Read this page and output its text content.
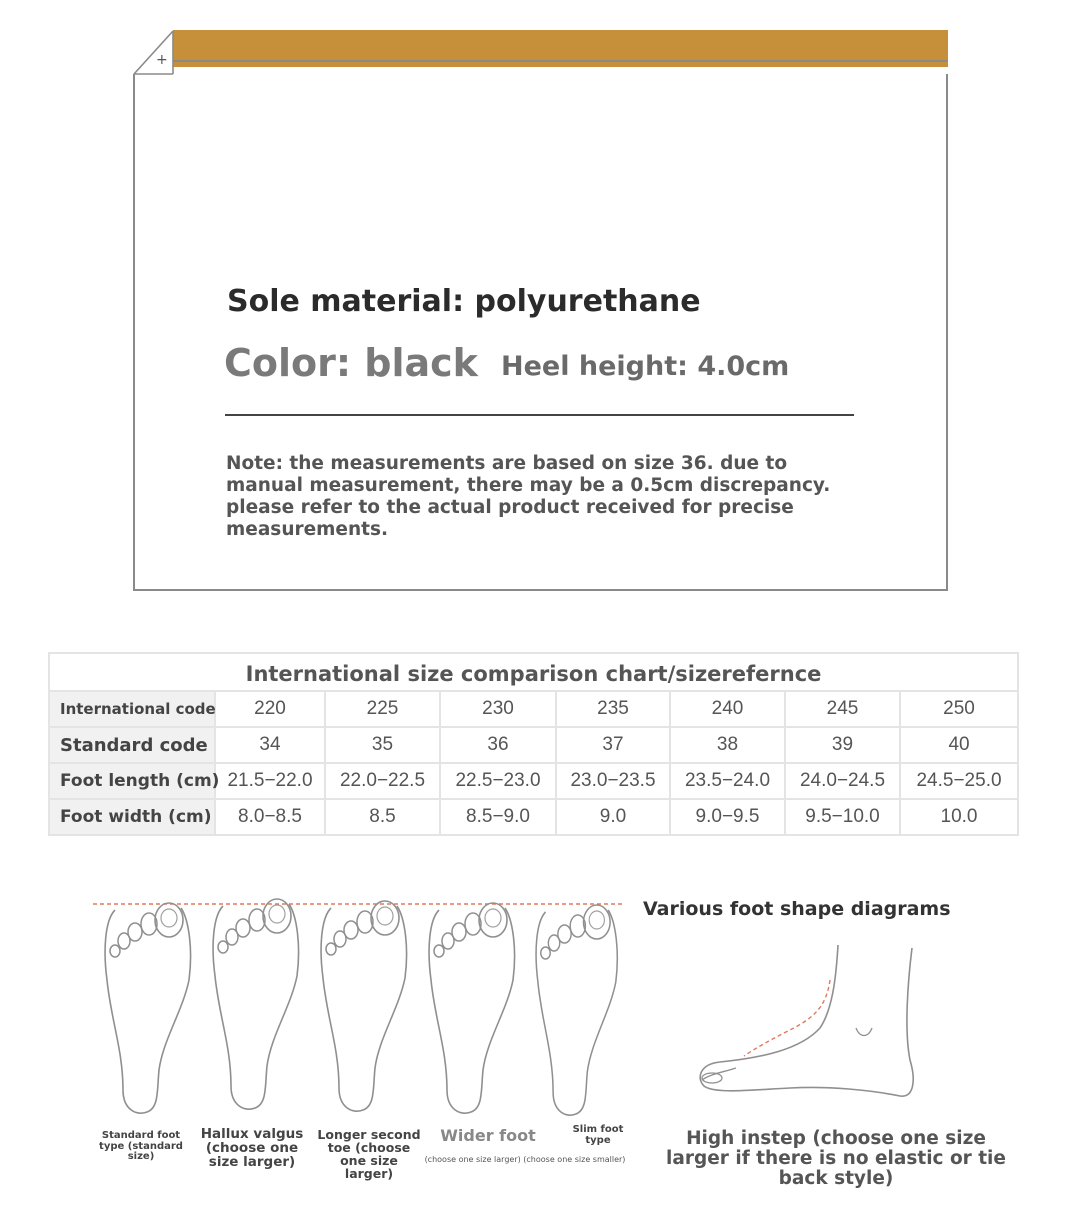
+
Sole material: polyurethane
Color: black Heel height: 4.0cm
Note: the measurements are based on size 36. due to manual measurement, there may be a 0.5cm discrepancy. please refer to the actual product received for precise measurements.
International size comparison chart/sizerefernce							
International code	220	225	230	235	240	245	250
Standard code	34	35	36	37	38	39	40
Foot length (cm)	21.5−22.0	22.0−22.5	22.5−23.0	23.0−23.5	23.5−24.0	24.0−24.5	24.5−25.0
Foot width (cm)	8.0−8.5	8.5	8.5−9.0	9.0	9.0−9.5	9.5−10.0	10.0
Standard foot type (standard size)
Hallux valgus (choose one size larger)
Longer second toe (choose one size larger)
Wider foot
(choose one size larger) (choose one size smaller)
Slim foot type
Various foot shape diagrams
High instep (choose one size larger if there is no elastic or tie back style)
